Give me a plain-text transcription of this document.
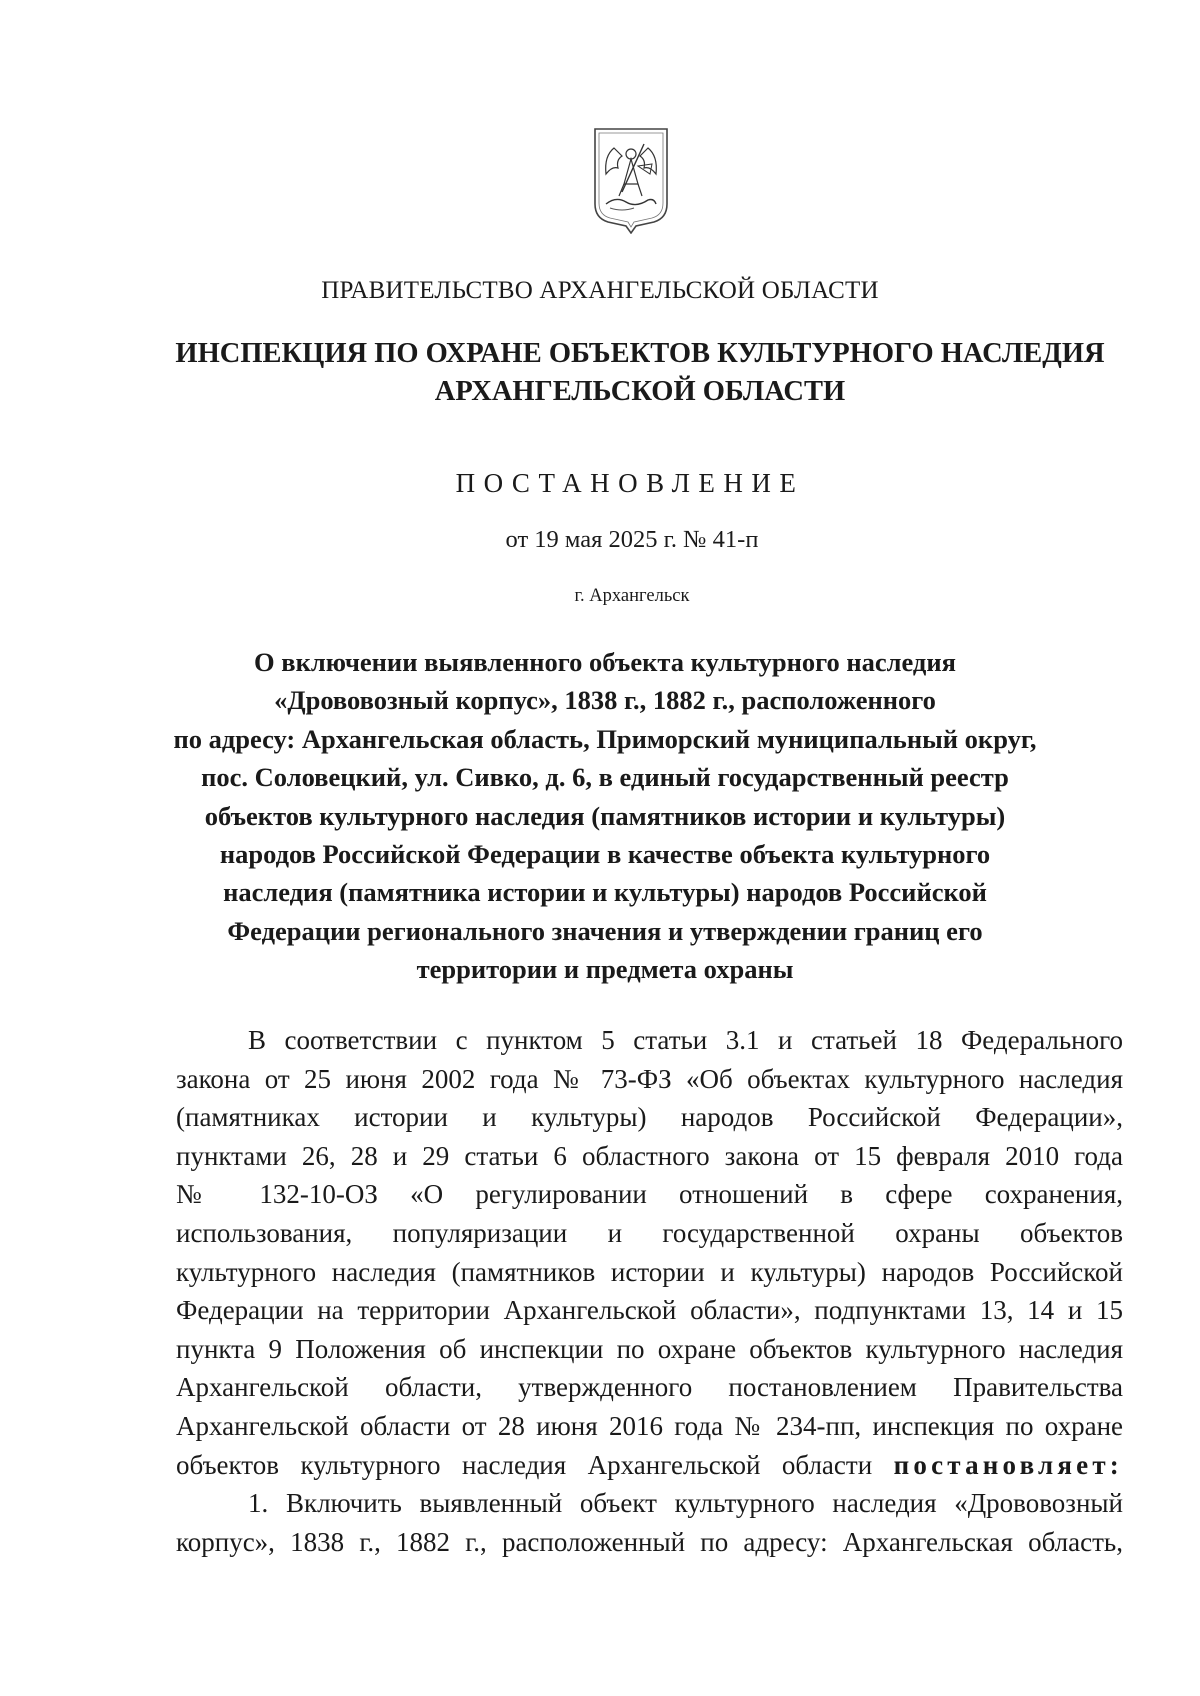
ПРАВИТЕЛЬСТВО АРХАНГЕЛЬСКОЙ ОБЛАСТИ

ИНСПЕКЦИЯ ПО ОХРАНЕ ОБЪЕКТОВ КУЛЬТУРНОГО НАСЛЕДИЯ
АРХАНГЕЛЬСКОЙ ОБЛАСТИ

ПОСТАНОВЛЕНИЕ

от 19 мая 2025 г. № 41-п

г. Архангельск

О включении выявленного объекта культурного наследия
«Дрововозный корпус», 1838 г., 1882 г., расположенного
по адресу: Архангельская область, Приморский муниципальный округ,
пос. Соловецкий, ул. Сивко, д. 6, в единый государственный реестр
объектов культурного наследия (памятников истории и культуры)
народов Российской Федерации в качестве объекта культурного
наследия (памятника истории и культуры) народов Российской
Федерации регионального значения и утверждении границ его
территории и предмета охраны
В соответствии с пунктом 5 статьи 3.1 и статьей 18 Федерального
закона от 25 июня 2002 года № 73-ФЗ «Об объектах культурного наследия
(памятниках истории и культуры) народов Российской Федерации»,
пунктами 26, 28 и 29 статьи 6 областного закона от 15 февраля 2010 года
№ 132-10-ОЗ «О регулировании отношений в сфере сохранения,
использования, популяризации и государственной охраны объектов
культурного наследия (памятников истории и культуры) народов Российской
Федерации на территории Архангельской области», подпунктами 13, 14 и 15
пункта 9 Положения об инспекции по охране объектов культурного наследия
Архангельской области, утвержденного постановлением Правительства
Архангельской области от 28 июня 2016 года № 234-пп, инспекция по охране
объектов культурного наследия Архангельской области постановляет:
1. Включить выявленный объект культурного наследия «Дрововозный
корпус», 1838 г., 1882 г., расположенный по адресу: Архангельская область,
